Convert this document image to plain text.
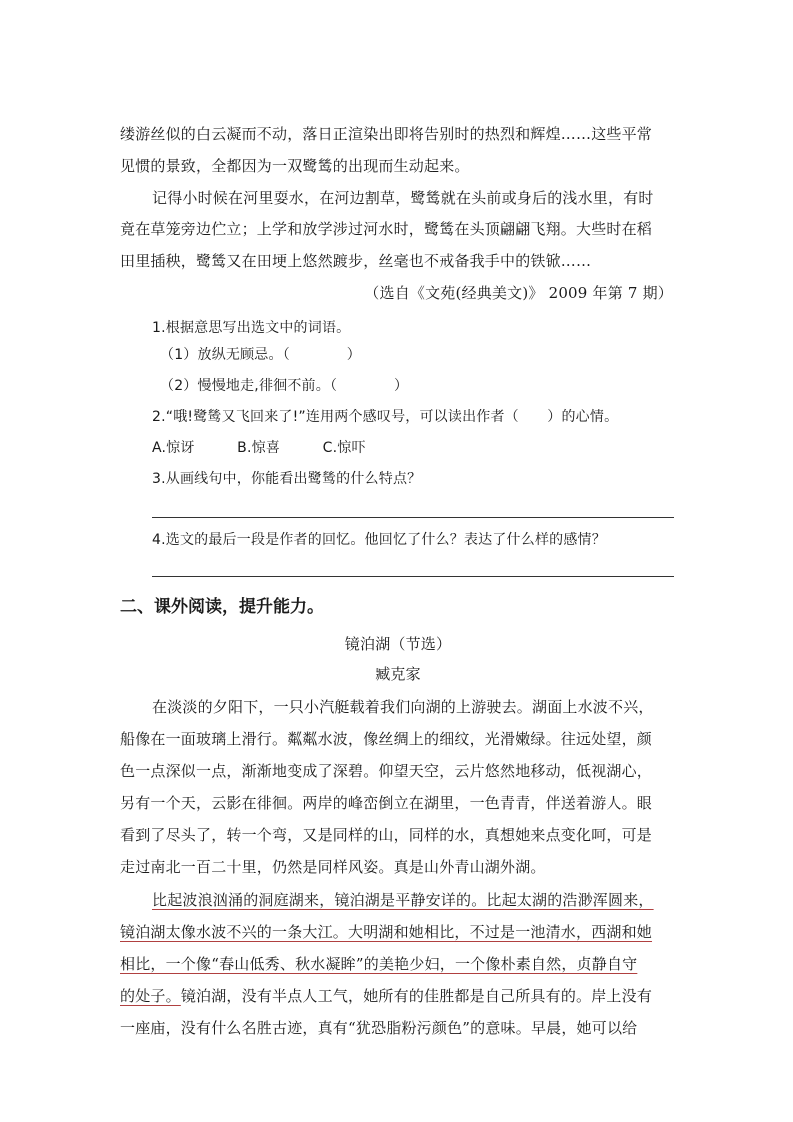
缕游丝似的白云凝而不动，落日正渲染出即将告别时的热烈和辉煌……这些平常
见惯的景致，全都因为一双鹭鸶的出现而生动起来。
记得小时候在河里耍水，在河边割草，鹭鸶就在头前或身后的浅水里，有时
竟在草笼旁边伫立；上学和放学涉过河水时，鹭鸶在头顶翩翩飞翔。大些时在稻
田里插秧，鹭鸶又在田埂上悠然踱步，丝毫也不戒备我手中的铁锨……
（选自《文苑(经典美文)》 2009 年第 7 期）
1.根据意思写出选文中的词语。
（1）放纵无顾忌。（　　　　）
（2）慢慢地走,徘徊不前。（　　　　）
2.“哦!鹭鸶又飞回来了!”连用两个感叹号，可以读出作者（　　）的心情。
A.惊讶　　　B.惊喜　　　C.惊吓
3.从画线句中，你能看出鹭鸶的什么特点？
4.选文的最后一段是作者的回忆。他回忆了什么？表达了什么样的感情？
二、课外阅读，提升能力。
镜泊湖（节选）
臧克家
在淡淡的夕阳下，一只小汽艇载着我们向湖的上游驶去。湖面上水波不兴，
船像在一面玻璃上滑行。粼粼水波，像丝绸上的细纹，光滑嫩绿。往远处望，颜
色一点深似一点，渐渐地变成了深碧。仰望天空，云片悠然地移动，低视湖心，
另有一个天，云影在徘徊。两岸的峰峦倒立在湖里，一色青青，伴送着游人。眼
看到了尽头了，转一个弯，又是同样的山，同样的水，真想她来点变化呵，可是
走过南北一百二十里，仍然是同样风姿。真是山外青山湖外湖。
比起波浪汹涌的洞庭湖来，镜泊湖是平静安详的。比起太湖的浩渺浑圆来，
镜泊湖太像水波不兴的一条大江。大明湖和她相比，不过是一池清水，西湖和她
相比，一个像“春山低秀、秋水凝眸”的美艳少妇，一个像朴素自然，贞静自守
的处子。镜泊湖，没有半点人工气，她所有的佳胜都是自己所具有的。岸上没有
一座庙，没有什么名胜古迹，真有“犹恐脂粉污颜色”的意味。早晨，她可以给
